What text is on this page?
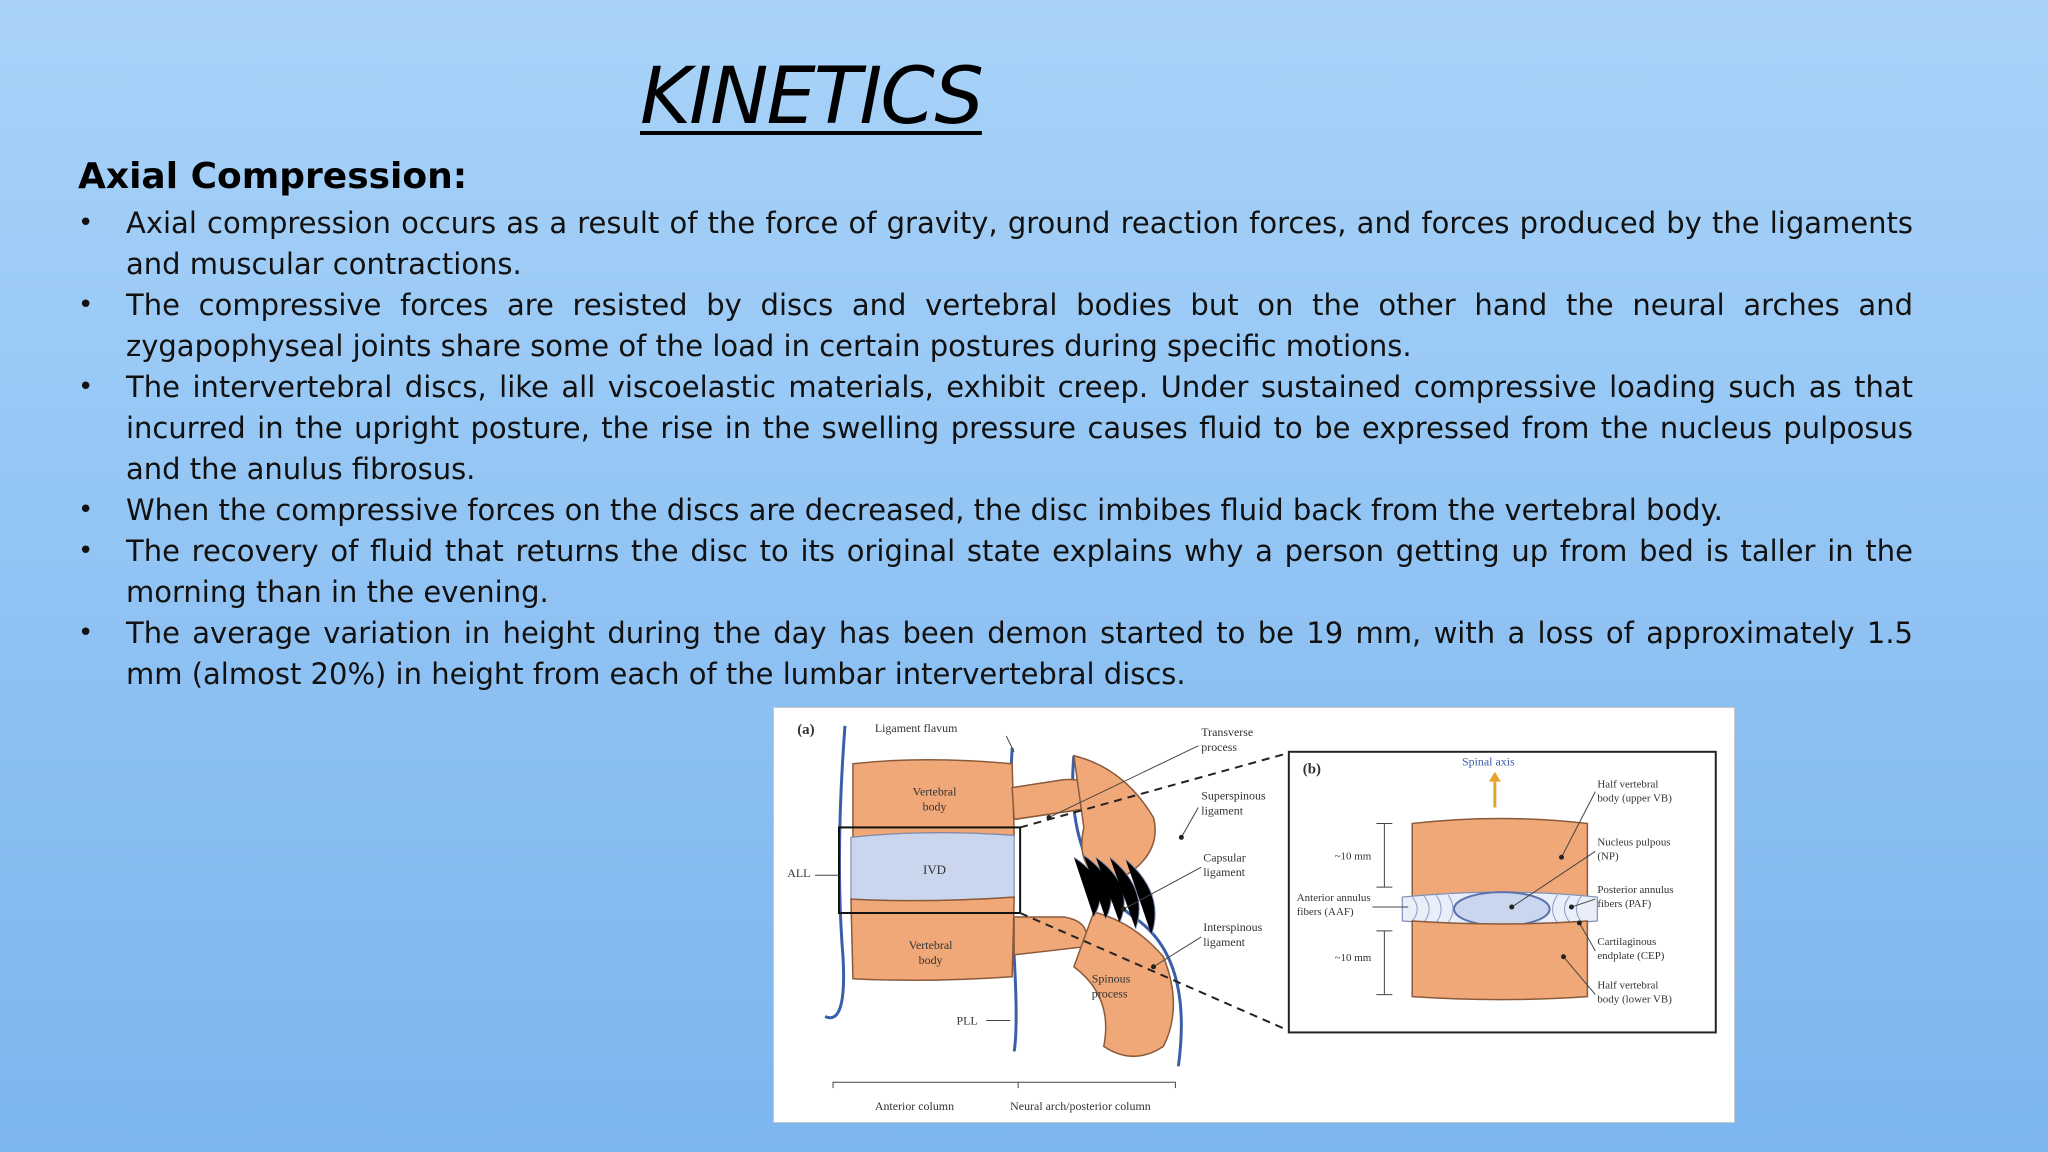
KINETICS
Axial Compression:
• Axial compression occurs as a result of the force of gravity, ground reaction forces, and forces produced by the ligaments and muscular contractions.
• The compressive forces are resisted by discs and vertebral bodies but on the other hand the neural arches and zygapophyseal joints share some of the load in certain postures during specific motions.
• The intervertebral discs, like all viscoelastic materials, exhibit creep. Under sustained compressive loading such as that incurred in the upright posture, the rise in the swelling pressure causes fluid to be expressed from the nucleus pulposus and the anulus fibrosus.
• When the compressive forces on the discs are decreased, the disc imbibes fluid back from the vertebral body.
• The recovery of fluid that returns the disc to its original state explains why a person getting up from bed is taller in the morning than in the evening.
• The average variation in height during the day has been demon started to be 19 mm, with a loss of approximately 1.5 mm (almost 20%) in height from each of the lumbar intervertebral discs.
(a)
Vertebral
body
IVD
Vertebral
body
Ligament flavum
ALL
PLL
Spinous
process
Transverse
process
Superspinous
ligament
Capsular
ligament
Interspinous
ligament
Anterior column	Neural arch/posterior column
(b)	Spinal axis
~10 mm
~10 mm
Anterior annulus
fibers (AAF)
Half vertebral
body (upper VB)
Nucleus pulpous
(NP)
Posterior annulus
fibers (PAF)
Cartilaginous
endplate (CEP)
Half vertebral
body (lower VB)
